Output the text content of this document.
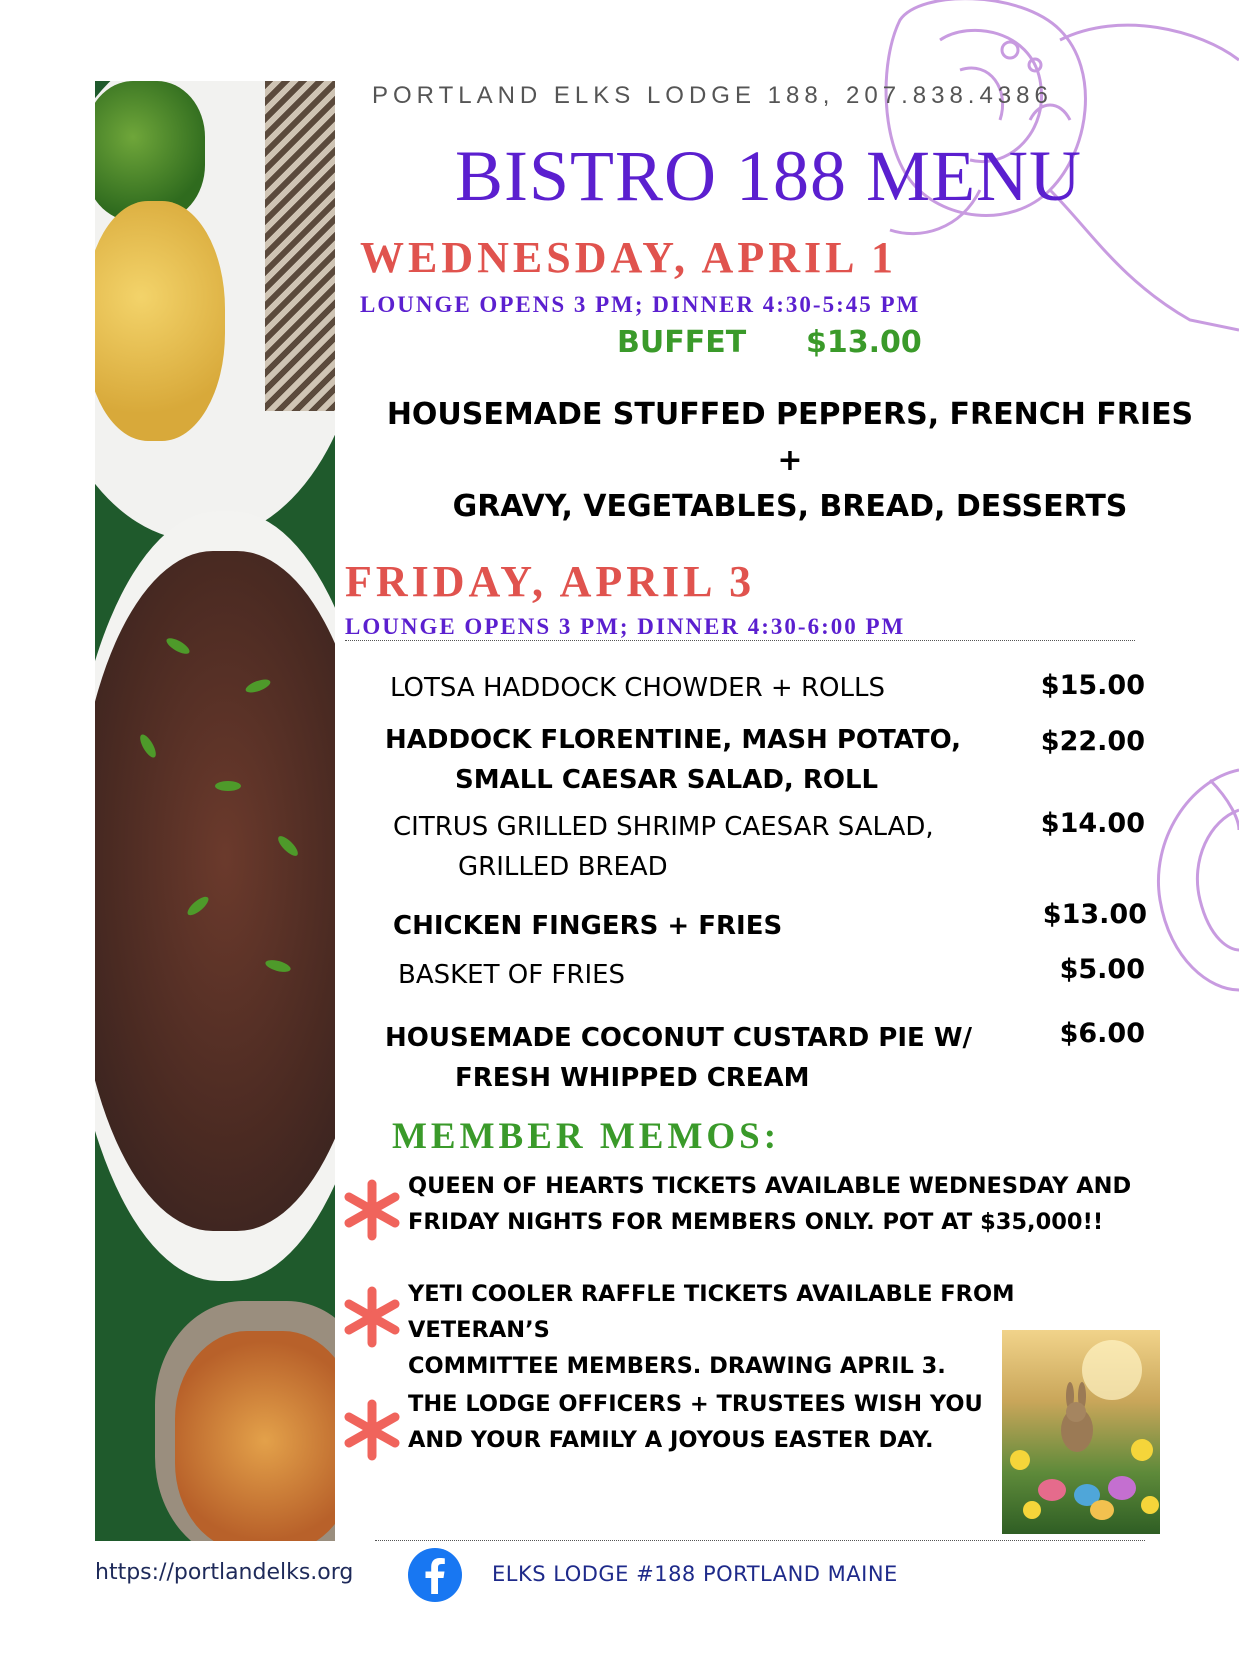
PORTLAND ELKS LODGE 188, 207.838.4386
BISTRO 188 MENU
WEDNESDAY, APRIL 1
LOUNGE OPENS 3 PM; DINNER 4:30-5:45 PM
BUFFET $13.00
HOUSEMADE STUFFED PEPPERS, FRENCH FRIES +
GRAVY, VEGETABLES, BREAD, DESSERTS
FRIDAY, APRIL 3
LOUNGE OPENS 3 PM; DINNER 4:30-6:00 PM
LOTSA HADDOCK CHOWDER + ROLLS	$15.00
HADDOCK FLORENTINE, MASH POTATO,
SMALL CAESAR SALAD, ROLL
$22.00
CITRUS GRILLED SHRIMP CAESAR SALAD,
GRILLED BREAD
$14.00
CHICKEN FINGERS + FRIES	$13.00
BASKET OF FRIES	$5.00
HOUSEMADE COCONUT CUSTARD PIE W/
FRESH WHIPPED CREAM
$6.00
MEMBER MEMOS:
QUEEN OF HEARTS TICKETS AVAILABLE WEDNESDAY AND
FRIDAY NIGHTS FOR MEMBERS ONLY. POT AT $35,000!!
YETI COOLER RAFFLE TICKETS AVAILABLE FROM VETERAN’S
COMMITTEE MEMBERS. DRAWING APRIL 3.
THE LODGE OFFICERS + TRUSTEES WISH YOU
AND YOUR FAMILY A JOYOUS EASTER DAY.
https://portlandelks.org	ELKS LODGE #188 PORTLAND MAINE
